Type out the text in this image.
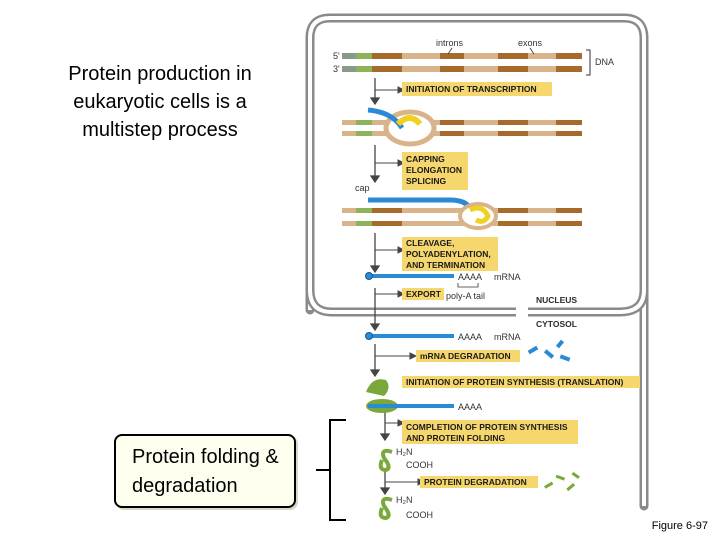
Protein production in eukaryotic cells is a multistep process
Protein folding & degradation
Figure 6-97
5'
3'
introns	exons
DNA
INITIATION OF TRANSCRIPTION
CAPPING
ELONGATION
SPLICING
cap
CLEAVAGE,
POLYADENYLATION,
AND TERMINATION
AAAA mRNA
EXPORT poly-A tail	NUCLEUS
CYTOSOL
AAAA mRNA
mRNA DEGRADATION
INITIATION OF PROTEIN SYNTHESIS (TRANSLATION)
AAAA
COMPLETION OF PROTEIN SYNTHESIS
AND PROTEIN FOLDING
H₂N
COOH
PROTEIN DEGRADATION
H₂N
COOH
